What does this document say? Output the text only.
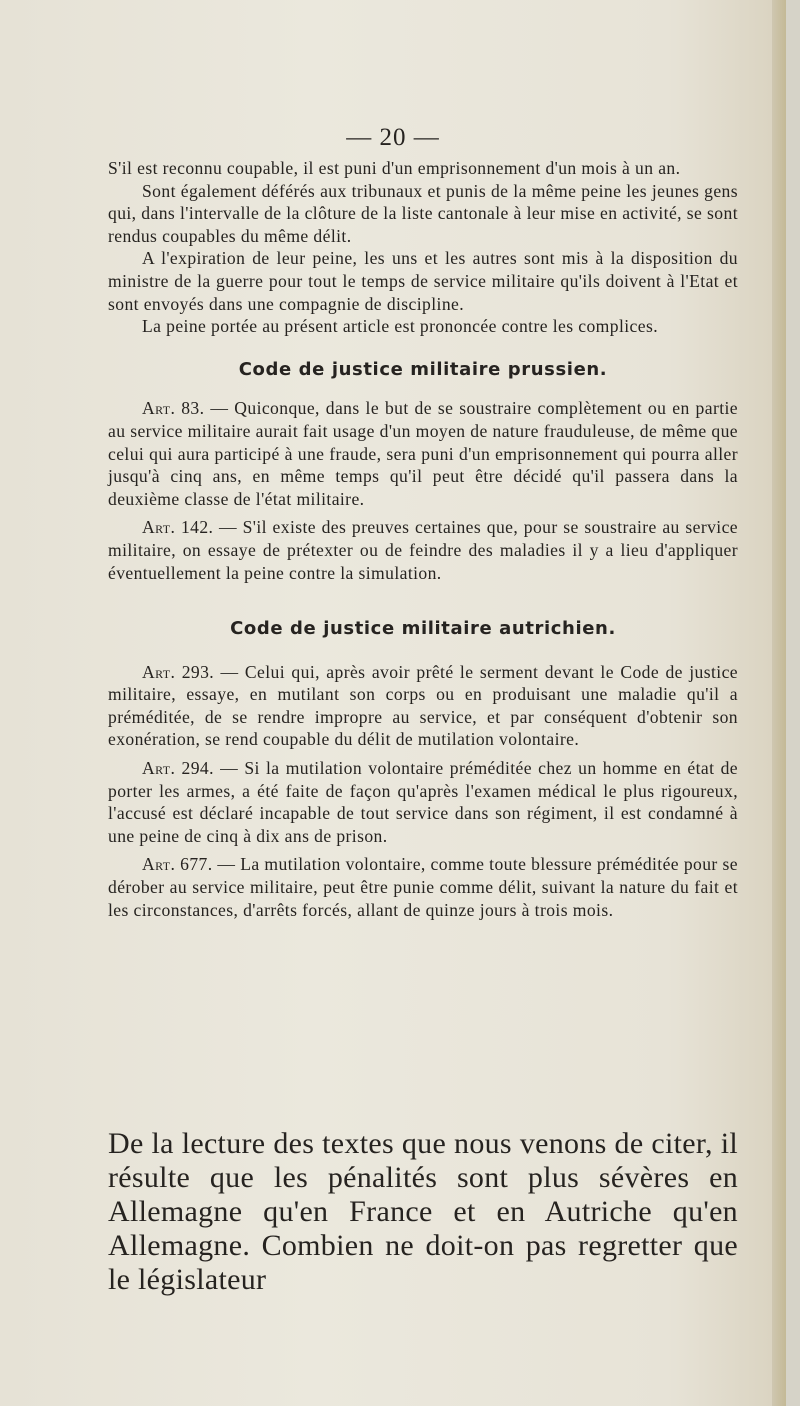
— 20 —

S'il est reconnu coupable, il est puni d'un emprisonnement d'un mois à un an.

Sont également déférés aux tribunaux et punis de la même peine les jeunes gens qui, dans l'intervalle de la clôture de la liste cantonale à leur mise en activité, se sont rendus coupables du même délit.

A l'expiration de leur peine, les uns et les autres sont mis à la disposition du ministre de la guerre pour tout le temps de service militaire qu'ils doivent à l'Etat et sont envoyés dans une compagnie de discipline.

La peine portée au présent article est prononcée contre les complices.

Code de justice militaire prussien.

Art. 83. — Quiconque, dans le but de se soustraire complètement ou en partie au service militaire aurait fait usage d'un moyen de nature frauduleuse, de même que celui qui aura participé à une fraude, sera puni d'un emprisonnement qui pourra aller jusqu'à cinq ans, en même temps qu'il peut être décidé qu'il passera dans la deuxième classe de l'état militaire.

Art. 142. — S'il existe des preuves certaines que, pour se soustraire au service militaire, on essaye de prétexter ou de feindre des maladies il y a lieu d'appliquer éventuellement la peine contre la simulation.

Code de justice militaire autrichien.

Art. 293. — Celui qui, après avoir prêté le serment devant le Code de justice militaire, essaye, en mutilant son corps ou en produisant une maladie qu'il a préméditée, de se rendre impropre au service, et par conséquent d'obtenir son exonération, se rend coupable du délit de mutilation volontaire.

Art. 294. — Si la mutilation volontaire préméditée chez un homme en état de porter les armes, a été faite de façon qu'après l'examen médical le plus rigoureux, l'accusé est déclaré incapable de tout service dans son régiment, il est condamné à une peine de cinq à dix ans de prison.

Art. 677. — La mutilation volontaire, comme toute blessure préméditée pour se dérober au service militaire, peut être punie comme délit, suivant la nature du fait et les circonstances, d'arrêts forcés, allant de quinze jours à trois mois.

De la lecture des textes que nous venons de citer, il résulte que les pénalités sont plus sévères en Allemagne qu'en France et en Autriche qu'en Allemagne. Combien ne doit-on pas regretter que le législateur
